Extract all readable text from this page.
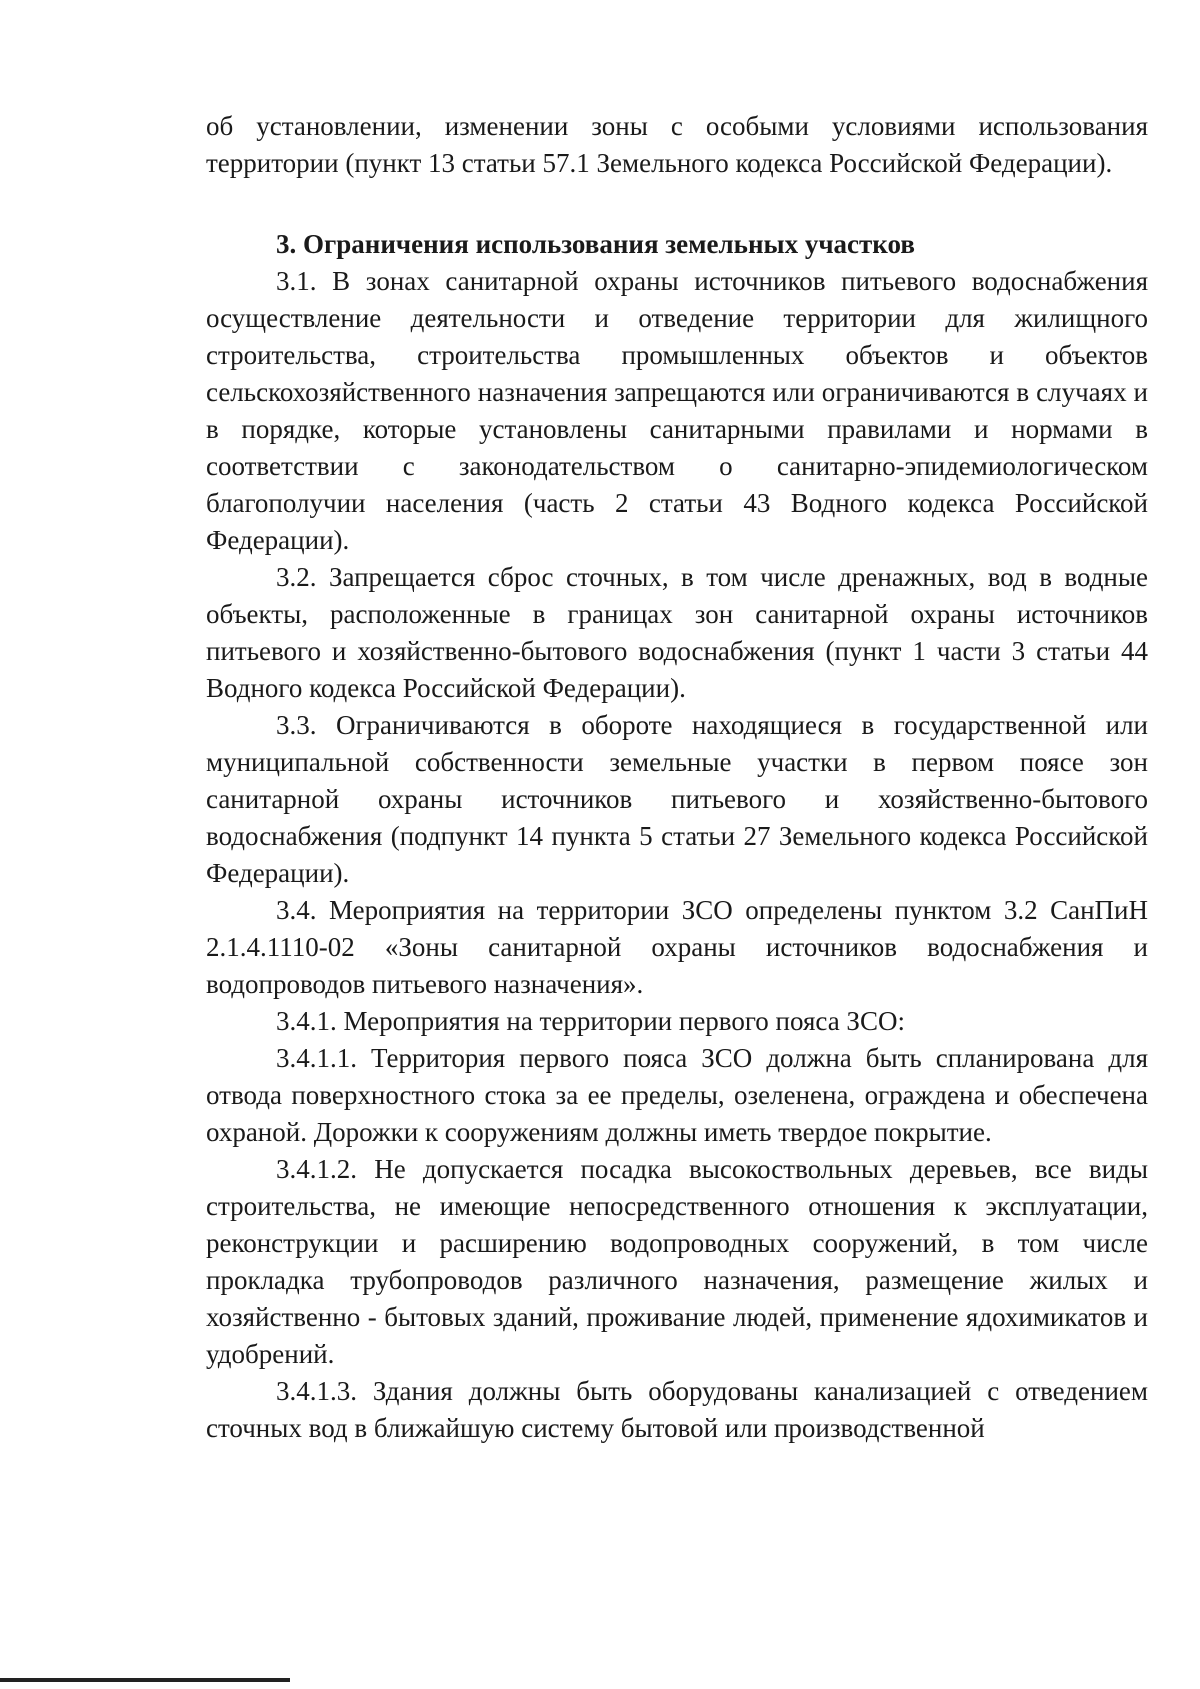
об установлении, изменении зоны с особыми условиями использования территории (пункт 13 статьи 57.1 Земельного кодекса Российской Федерации).

3. Ограничения использования земельных участков

3.1. В зонах санитарной охраны источников питьевого водоснабжения осуществление деятельности и отведение территории для жилищного строительства, строительства промышленных объектов и объектов сельскохозяйственного назначения запрещаются или ограничиваются в случаях и в порядке, которые установлены санитарными правилами и нормами в соответствии с законодательством о санитарно-эпидемиологическом благополучии населения (часть 2 статьи 43 Водного кодекса Российской Федерации).

3.2. Запрещается сброс сточных, в том числе дренажных, вод в водные объекты, расположенные в границах зон санитарной охраны источников питьевого и хозяйственно-бытового водоснабжения (пункт 1 части 3 статьи 44 Водного кодекса Российской Федерации).

3.3. Ограничиваются в обороте находящиеся в государственной или муниципальной собственности земельные участки в первом поясе зон санитарной охраны источников питьевого и хозяйственно-бытового водоснабжения (подпункт 14 пункта 5 статьи 27 Земельного кодекса Российской Федерации).

3.4. Мероприятия на территории ЗСО определены пунктом 3.2 СанПиН 2.1.4.1110-02 «Зоны санитарной охраны источников водоснабжения и водопроводов питьевого назначения».

3.4.1. Мероприятия на территории первого пояса ЗСО:

3.4.1.1. Территория первого пояса ЗСО должна быть спланирована для отвода поверхностного стока за ее пределы, озеленена, ограждена и обеспечена охраной. Дорожки к сооружениям должны иметь твердое покрытие.

3.4.1.2. Не допускается посадка высокоствольных деревьев, все виды строительства, не имеющие непосредственного отношения к эксплуатации, реконструкции и расширению водопроводных сооружений, в том числе прокладка трубопроводов различного назначения, размещение жилых и хозяйственно - бытовых зданий, проживание людей, применение ядохимикатов и удобрений.

3.4.1.3. Здания должны быть оборудованы канализацией с отведением сточных вод в ближайшую систему бытовой или производственной
